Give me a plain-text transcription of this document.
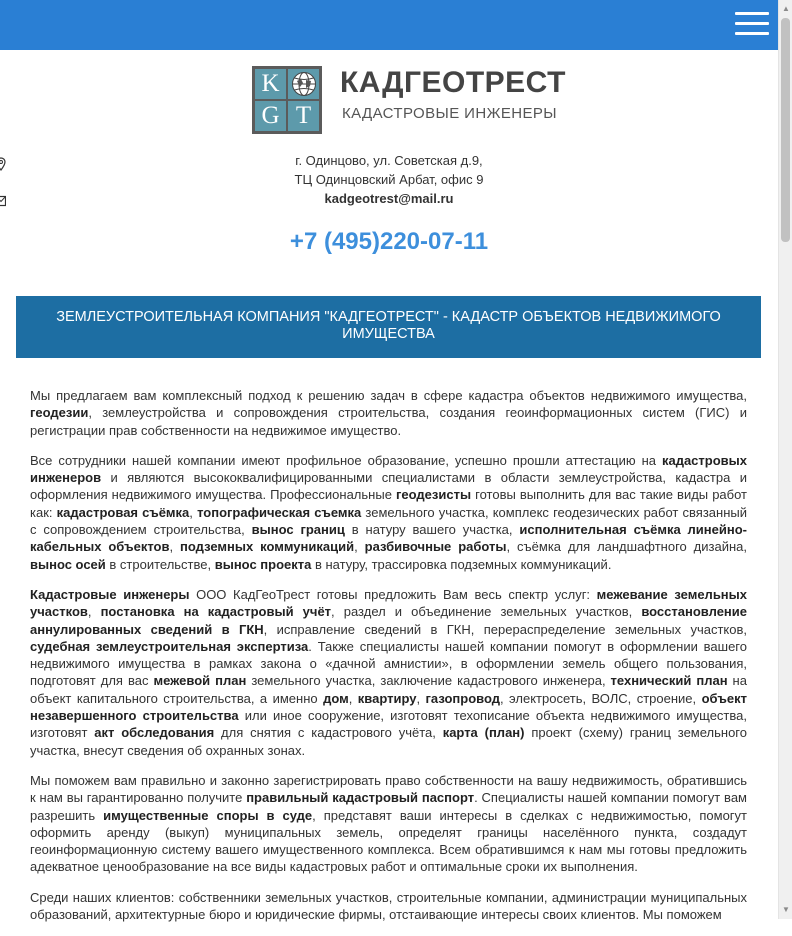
▲
▼
K
G T
КАДГЕОТРЕСТ
КАДАСТРОВЫЕ ИНЖЕНЕРЫ
г. Одинцово, ул. Советская д.9,
ТЦ Одинцовский Арбат, офис 9
kadgeotrest@mail.ru
+7 (495)220-07-11
ЗЕМЛЕУСТРОИТЕЛЬНАЯ КОМПАНИЯ "КАДГЕОТРЕСТ" - КАДАСТР ОБЪЕКТОВ НЕДВИЖИМОГО ИМУЩЕСТВА

Мы предлагаем вам комплексный подход к решению задач в сфере кадастра объектов недвижимого имущества, геодезии, землеустройства и сопровождения строительства, создания геоинформационных систем (ГИС) и регистрации прав собственности на недвижимое имущество.

Все сотрудники нашей компании имеют профильное образование, успешно прошли аттестацию на кадастровых инженеров и являются высококвалифицированными специалистами в области землеустройства, кадастра и оформления недвижимого имущества. Профессиональные геодезисты готовы выполнить для вас такие виды работ как: кадастровая съёмка, топографическая съемка земельного участка, комплекс геодезических работ связанный с сопровождением строительства, вынос границ в натуру вашего участка, исполнительная съёмка линейно-кабельных объектов, подземных коммуникаций, разбивочные работы, съёмка для ландшафтного дизайна, вынос осей в строительстве, вынос проекта в натуру, трассировка подземных коммуникаций.

Кадастровые инженеры ООО КадГеоТрест готовы предложить Вам весь спектр услуг: межевание земельных участков, постановка на кадастровый учёт, раздел и объединение земельных участков, восстановление аннулированных сведений в ГКН, исправление сведений в ГКН, перераспределение земельных участков, судебная землеустроительная экспертиза. Также специалисты нашей компании помогут в оформлении вашего недвижимого имущества в рамках закона о «дачной амнистии», в оформлении земель общего пользования, подготовят для вас межевой план земельного участка, заключение кадастрового инженера, технический план на объект капитального строительства, а именно дом, квартиру, газопровод, электросеть, ВОЛС, строение, объект незавершенного строительства или иное сооружение, изготовят техописание объекта недвижимого имущества, изготовят акт обследования для снятия с кадастрового учёта, карта (план) проект (схему) границ земельного участка, внесут сведения об охранных зонах.

Мы поможем вам правильно и законно зарегистрировать право собственности на вашу недвижимость, обратившись к нам вы гарантированно получите правильный кадастровый паспорт. Специалисты нашей компании помогут вам разрешить имущественные споры в суде, представят ваши интересы в сделках с недвижимостью, помогут оформить аренду (выкуп) муниципальных земель, определят границы населённого пункта, создадут геоинформационную систему вашего имущественного комплекса. Всем обратившимся к нам мы готовы предложить адекватное ценообразование на все виды кадастровых работ и оптимальные сроки их выполнения.

Среди наших клиентов: собственники земельных участков, строительные компании, администрации муниципальных образований, архитектурные бюро и юридические фирмы, отстаивающие интересы своих клиентов. Мы поможем
